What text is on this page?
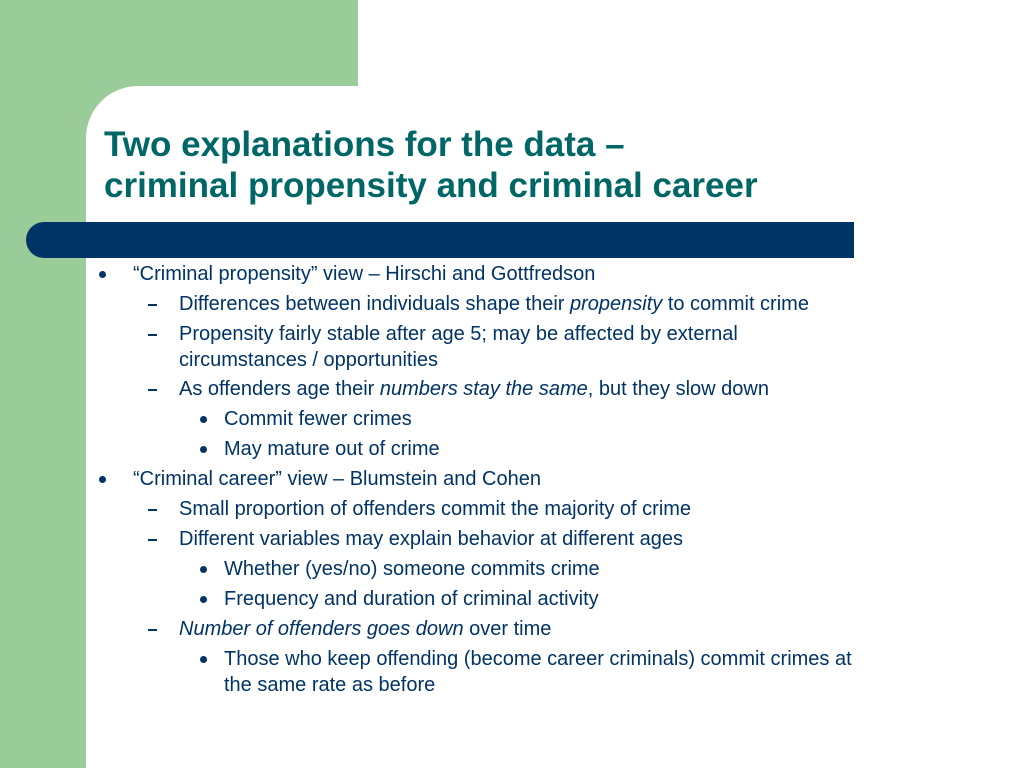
Two explanations for the data –
criminal propensity and criminal career
“Criminal propensity” view – Hirschi and Gottfredson
Differences between individuals shape their propensity to commit crime
Propensity fairly stable after age 5; may be affected by external
circumstances / opportunities
As offenders age their numbers stay the same, but they slow down
Commit fewer crimes
May mature out of crime
“Criminal career” view – Blumstein and Cohen
Small proportion of offenders commit the majority of crime
Different variables may explain behavior at different ages
Whether (yes/no) someone commits crime
Frequency and duration of criminal activity
Number of offenders goes down over time
Those who keep offending (become career criminals) commit crimes at
the same rate as before
